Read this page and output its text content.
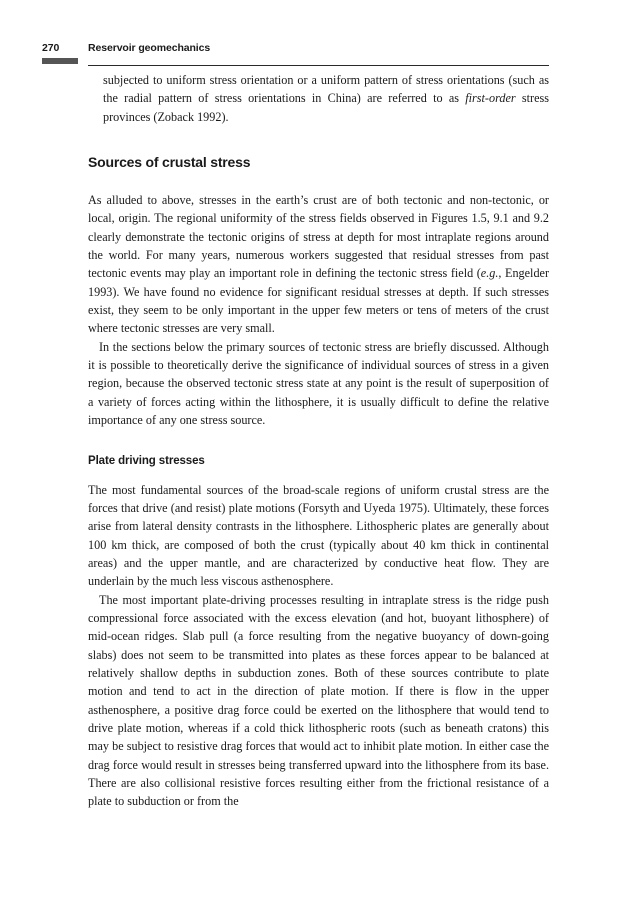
270	Reservoir geomechanics

subjected to uniform stress orientation or a uniform pattern of stress orientations (such as the radial pattern of stress orientations in China) are referred to as first-order stress provinces (Zoback 1992).

Sources of crustal stress

As alluded to above, stresses in the earth’s crust are of both tectonic and non-tectonic, or local, origin. The regional uniformity of the stress fields observed in Figures 1.5, 9.1 and 9.2 clearly demonstrate the tectonic origins of stress at depth for most intraplate regions around the world. For many years, numerous workers suggested that residual stresses from past tectonic events may play an important role in defining the tectonic stress field (e.g., Engelder 1993). We have found no evidence for significant residual stresses at depth. If such stresses exist, they seem to be only important in the upper few meters or tens of meters of the crust where tectonic stresses are very small.

In the sections below the primary sources of tectonic stress are briefly discussed. Although it is possible to theoretically derive the significance of individual sources of stress in a given region, because the observed tectonic stress state at any point is the result of superposition of a variety of forces acting within the lithosphere, it is usually difficult to define the relative importance of any one stress source.

Plate driving stresses

The most fundamental sources of the broad-scale regions of uniform crustal stress are the forces that drive (and resist) plate motions (Forsyth and Uyeda 1975). Ultimately, these forces arise from lateral density contrasts in the lithosphere. Lithospheric plates are generally about 100 km thick, are composed of both the crust (typically about 40 km thick in continental areas) and the upper mantle, and are characterized by conductive heat flow. They are underlain by the much less viscous asthenosphere.

The most important plate-driving processes resulting in intraplate stress is the ridge push compressional force associated with the excess elevation (and hot, buoyant lithosphere) of mid-ocean ridges. Slab pull (a force resulting from the negative buoyancy of down-going slabs) does not seem to be transmitted into plates as these forces appear to be balanced at relatively shallow depths in subduction zones. Both of these sources contribute to plate motion and tend to act in the direction of plate motion. If there is flow in the upper asthenosphere, a positive drag force could be exerted on the lithosphere that would tend to drive plate motion, whereas if a cold thick lithospheric roots (such as beneath cratons) this may be subject to resistive drag forces that would act to inhibit plate motion. In either case the drag force would result in stresses being transferred upward into the lithosphere from its base. There are also collisional resistive forces resulting either from the frictional resistance of a plate to subduction or from the
